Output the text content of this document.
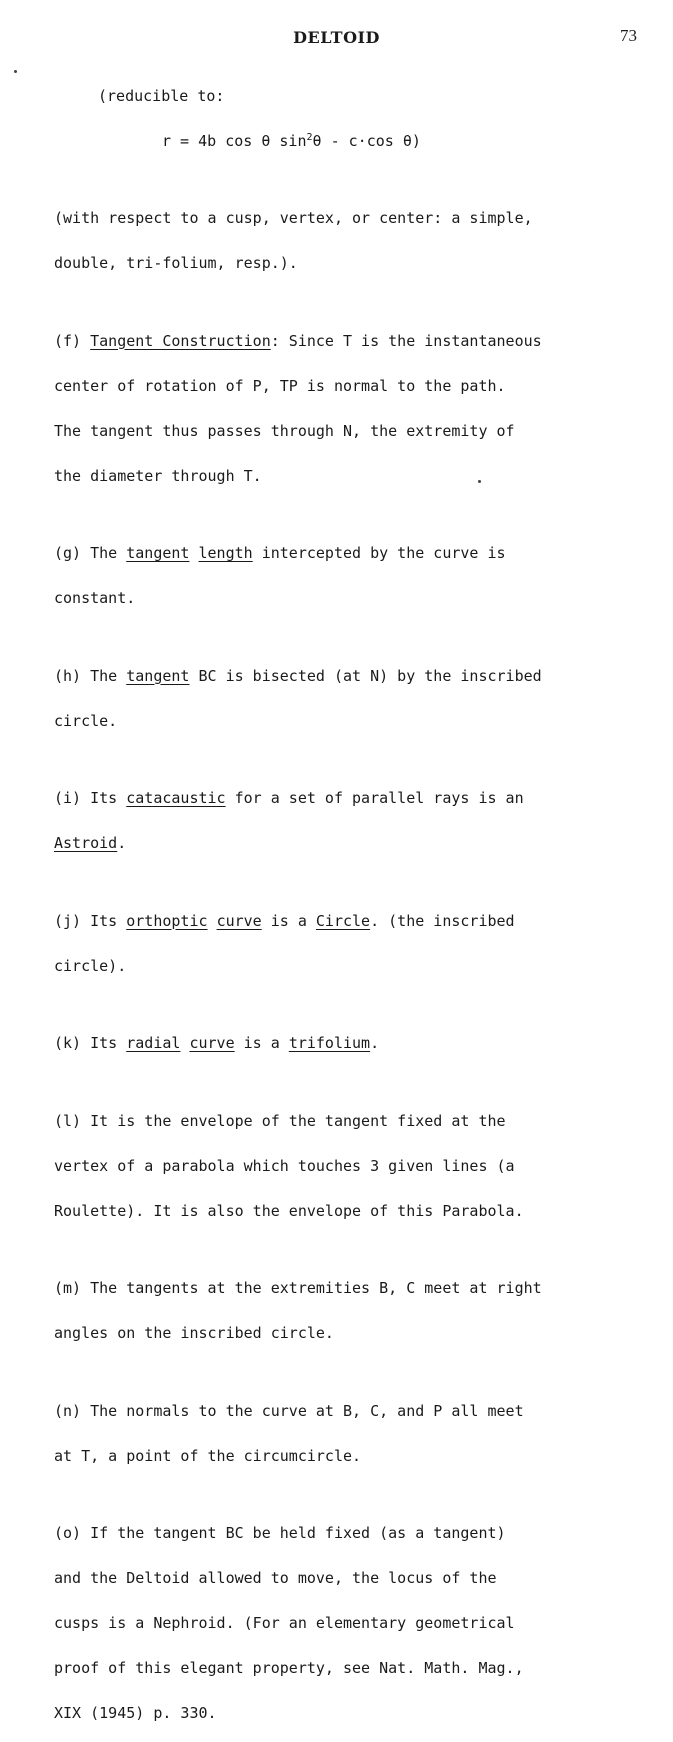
DELTOID	73

(reducible to:

r = 4b cos θ $\sin^2\theta - c\cdot\cos$ θ)

(with respect to a cusp, vertex, or center: a simple,

double, tri-folium, resp.).

(f) Tangent Construction: Since T is the instantaneous

center of rotation of P, TP is normal to the path.

The tangent thus passes through N, the extremity of

the diameter through T.

(g) The tangent length intercepted by the curve is

constant.

(h) The tangent BC is bisected (at N) by the inscribed

circle.

(i) Its catacaustic for a set of parallel rays is an

Astroid.

(j) Its orthoptic curve is a Circle. (the inscribed

circle).

(k) Its radial curve is a trifolium.

(l) It is the envelope of the tangent fixed at the

vertex of a parabola which touches 3 given lines (a

Roulette). It is also the envelope of this Parabola.

(m) The tangents at the extremities B, C meet at right

angles on the inscribed circle.

(n) The normals to the curve at B, C, and P all meet

at T, a point of the circumcircle.

(o) If the tangent BC be held fixed (as a tangent)

and the Deltoid allowed to move, the locus of the

cusps is a Nephroid. (For an elementary geometrical

proof of this elegant property, see Nat. Math. Mag.,

XIX (1945) p. 330.
